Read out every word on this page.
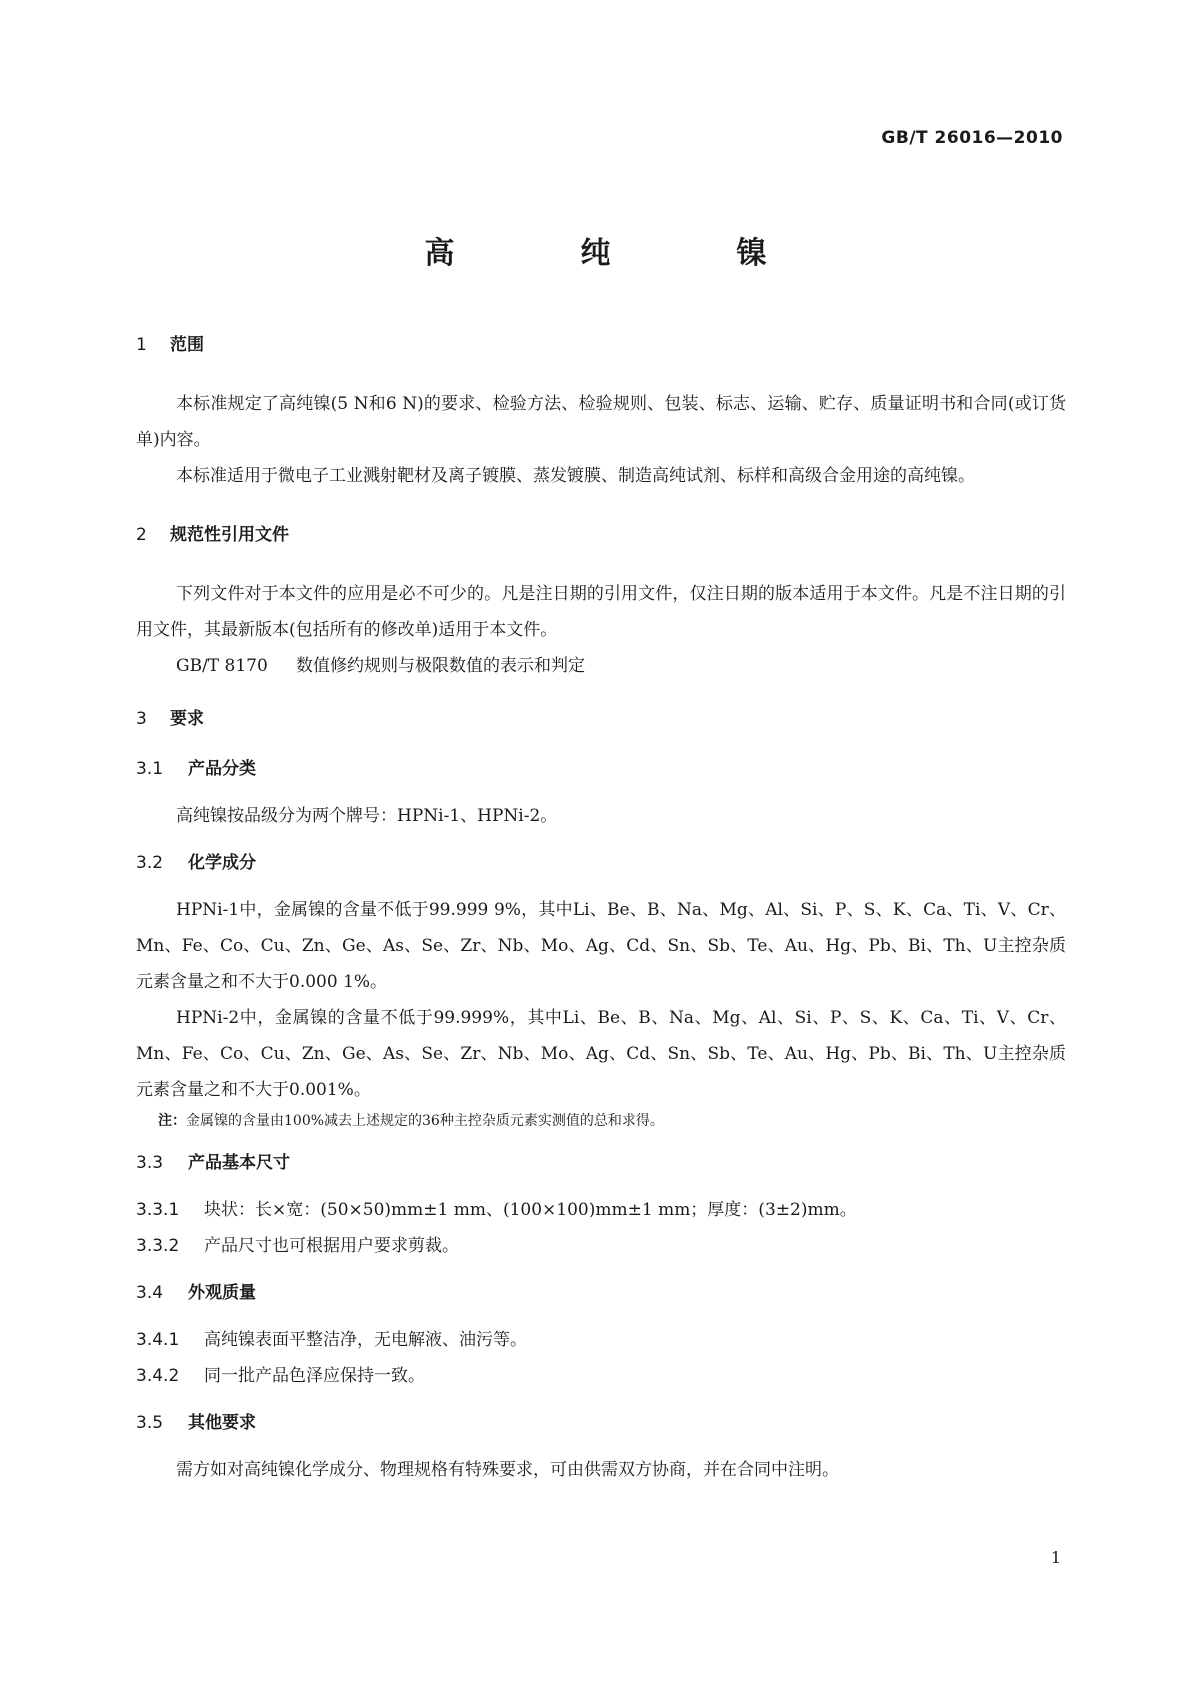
GB/T 26016—2010
高　纯　镍
1 范围

本标准规定了高纯镍(5 N和6 N)的要求、检验方法、检验规则、包装、标志、运输、贮存、质量证明书和合同(或订货单)内容。

本标准适用于微电子工业溅射靶材及离子镀膜、蒸发镀膜、制造高纯试剂、标样和高级合金用途的高纯镍。

2 规范性引用文件

下列文件对于本文件的应用是必不可少的。凡是注日期的引用文件，仅注日期的版本适用于本文件。凡是不注日期的引用文件，其最新版本(包括所有的修改单)适用于本文件。

GB/T 8170 数值修约规则与极限数值的表示和判定
3 要求
3.1 产品分类

高纯镍按品级分为两个牌号：HPNi-1、HPNi-2。

3.2 化学成分

HPNi-1中，金属镍的含量不低于99.999 9%，其中Li、Be、B、Na、Mg、Al、Si、P、S、K、Ca、Ti、V、Cr、Mn、Fe、Co、Cu、Zn、Ge、As、Se、Zr、Nb、Mo、Ag、Cd、Sn、Sb、Te、Au、Hg、Pb、Bi、Th、U主控杂质元素含量之和不大于0.000 1%。

HPNi-2中，金属镍的含量不低于99.999%，其中Li、Be、B、Na、Mg、Al、Si、P、S、K、Ca、Ti、V、Cr、Mn、Fe、Co、Cu、Zn、Ge、As、Se、Zr、Nb、Mo、Ag、Cd、Sn、Sb、Te、Au、Hg、Pb、Bi、Th、U主控杂质元素含量之和不大于0.001%。

注：金属镍的含量由100%减去上述规定的36种主控杂质元素实测值的总和求得。
3.3 产品基本尺寸
3.3.1 块状：长×宽：(50×50)mm±1 mm、(100×100)mm±1 mm；厚度：(3±2)mm。
3.3.2 产品尺寸也可根据用户要求剪裁。
3.4 外观质量
3.4.1 高纯镍表面平整洁净，无电解液、油污等。
3.4.2 同一批产品色泽应保持一致。
3.5 其他要求

需方如对高纯镍化学成分、物理规格有特殊要求，可由供需双方协商，并在合同中注明。

1
